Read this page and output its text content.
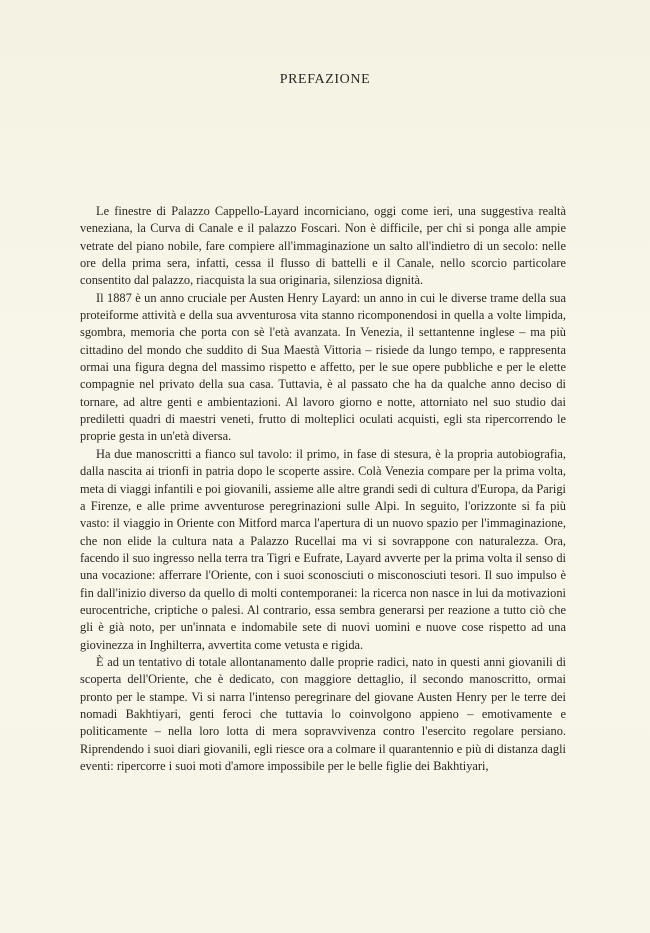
PREFAZIONE

Le finestre di Palazzo Cappello-Layard incorniciano, oggi come ieri, una suggestiva realtà veneziana, la Curva di Canale e il palazzo Foscari. Non è difficile, per chi si ponga alle ampie vetrate del piano nobile, fare compiere all'immaginazione un salto all'indietro di un secolo: nelle ore della prima sera, infatti, cessa il flusso di battelli e il Canale, nello scorcio particolare consentito dal palazzo, riacquista la sua originaria, silenziosa dignità.

Il 1887 è un anno cruciale per Austen Henry Layard: un anno in cui le diverse trame della sua proteiforme attività e della sua avventurosa vita stanno ricomponendosi in quella a volte limpida, sgombra, memoria che porta con sè l'età avanzata. In Venezia, il settantenne inglese – ma più cittadino del mondo che suddito di Sua Maestà Vittoria – risiede da lungo tempo, e rappresenta ormai una figura degna del massimo rispetto e affetto, per le sue opere pubbliche e per le elette compagnie nel privato della sua casa. Tuttavia, è al passato che ha da qualche anno deciso di tornare, ad altre genti e ambientazioni. Al lavoro giorno e notte, attorniato nel suo studio dai prediletti quadri di maestri veneti, frutto di molteplici oculati acquisti, egli sta ripercorrendo le proprie gesta in un'età diversa.

Ha due manoscritti a fianco sul tavolo: il primo, in fase di stesura, è la propria autobiografia, dalla nascita ai trionfi in patria dopo le scoperte assire. Colà Venezia compare per la prima volta, meta di viaggi infantili e poi giovanili, assieme alle altre grandi sedi di cultura d'Europa, da Parigi a Firenze, e alle prime avventurose peregrinazioni sulle Alpi. In seguito, l'orizzonte si fa più vasto: il viaggio in Oriente con Mitford marca l'apertura di un nuovo spazio per l'immaginazione, che non elide la cultura nata a Palazzo Rucellai ma vi si sovrappone con naturalezza. Ora, facendo il suo ingresso nella terra tra Tigri e Eufrate, Layard avverte per la prima volta il senso di una vocazione: afferrare l'Oriente, con i suoi sconosciuti o misconosciuti tesori. Il suo impulso è fin dall'inizio diverso da quello di molti contemporanei: la ricerca non nasce in lui da motivazioni eurocentriche, criptiche o palesi. Al contrario, essa sembra generarsi per reazione a tutto ciò che gli è già noto, per un'innata e indomabile sete di nuovi uomini e nuove cose rispetto ad una giovinezza in Inghilterra, avvertita come vetusta e rigida.

È ad un tentativo di totale allontanamento dalle proprie radici, nato in questi anni giovanili di scoperta dell'Oriente, che è dedicato, con maggiore dettaglio, il secondo manoscritto, ormai pronto per le stampe. Vi si narra l'intenso peregrinare del giovane Austen Henry per le terre dei nomadi Bakhtiyari, genti feroci che tuttavia lo coinvolgono appieno – emotivamente e politicamente – nella loro lotta di mera sopravvivenza contro l'esercito regolare persiano. Riprendendo i suoi diari giovanili, egli riesce ora a colmare il quarantennio e più di distanza dagli eventi: ripercorre i suoi moti d'amore impossibile per le belle figlie dei Bakhtiyari,
